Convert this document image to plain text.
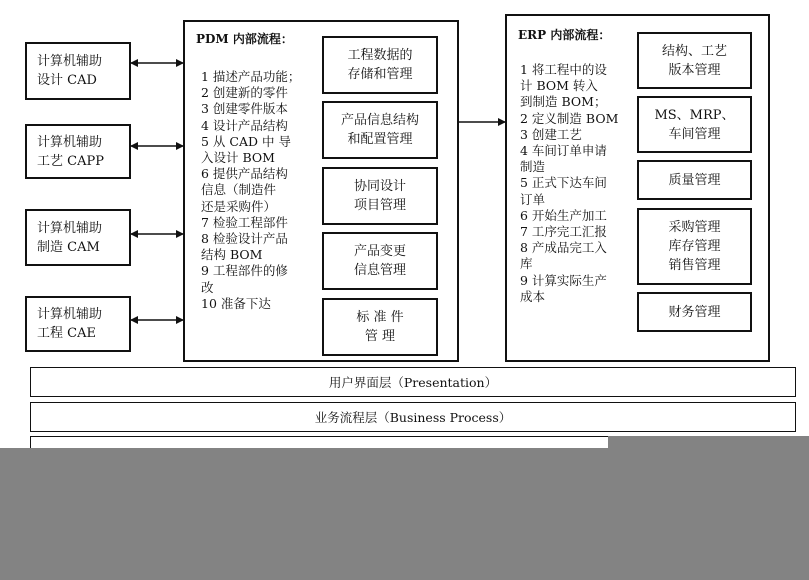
计算机辅助
设计 CAD
计算机辅助
工艺 CAPP
计算机辅助
制造 CAM
计算机辅助
工程 CAE
PDM 内部流程：
1 描述产品功能；
2 创建新的零件
3 创建零件版本
4 设计产品结构
5 从 CAD 中 导
入设计 BOM
6 提供产品结构
信息（制造件
还是采购件）
7 检验工程部件
8 检验设计产品
结构 BOM
9 工程部件的修
改
10 准备下达
工程数据的
存储和管理
产品信息结构
和配置管理
协同设计
项目管理
产品变更
信息管理
标 准 件
管 理
ERP 内部流程：
1 将工程中的设
计 BOM 转入
到制造 BOM；
2 定义制造 BOM
3 创建工艺
4 车间订单申请
制造
5 正式下达车间
订单
6 开始生产加工
7 工序完工汇报
8 产成品完工入
库
9 计算实际生产
成本
结构、工艺
版本管理
MS、MRP、
车间管理
质量管理
采购管理
库存管理
销售管理
财务管理
用户界面层（Presentation）
业务流程层（Business Process）
